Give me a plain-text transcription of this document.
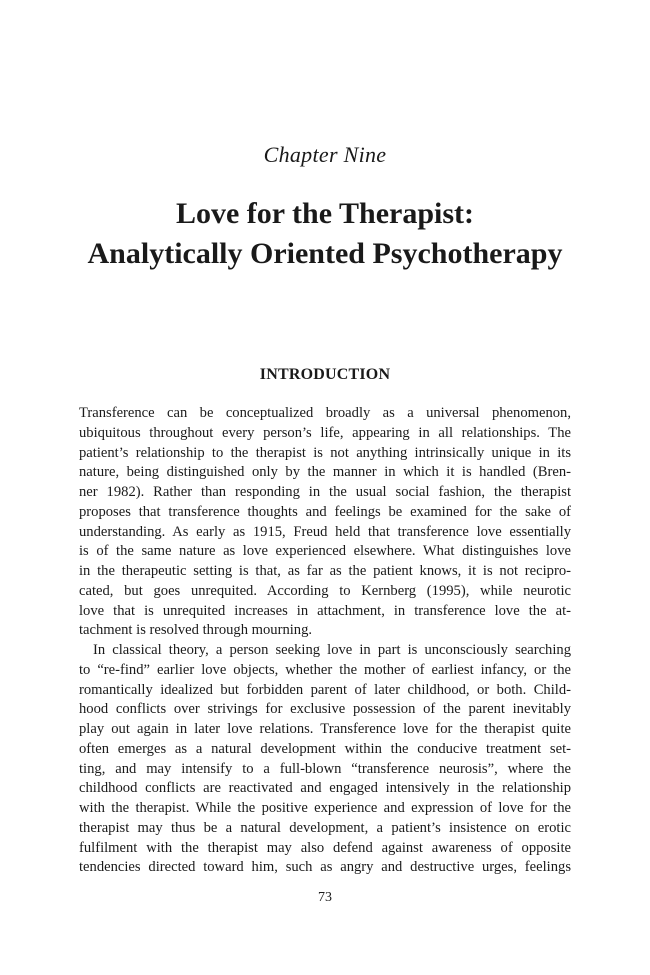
Chapter Nine
Love for the Therapist:
Analytically Oriented Psychotherapy
INTRODUCTION
Transference can be conceptualized broadly as a universal phenomenon,
ubiquitous throughout every person’s life, appearing in all relationships. The
patient’s relationship to the therapist is not anything intrinsically unique in its
nature, being distinguished only by the manner in which it is handled (Bren-
ner 1982). Rather than responding in the usual social fashion, the therapist
proposes that transference thoughts and feelings be examined for the sake of
understanding. As early as 1915, Freud held that transference love essentially
is of the same nature as love experienced elsewhere. What distinguishes love
in the therapeutic setting is that, as far as the patient knows, it is not recipro-
cated, but goes unrequited. According to Kernberg (1995), while neurotic
love that is unrequited increases in attachment, in transference love the at-
tachment is resolved through mourning.
In classical theory, a person seeking love in part is unconsciously searching
to “re-find” earlier love objects, whether the mother of earliest infancy, or the
romantically idealized but forbidden parent of later childhood, or both. Child-
hood conflicts over strivings for exclusive possession of the parent inevitably
play out again in later love relations. Transference love for the therapist quite
often emerges as a natural development within the conducive treatment set-
ting, and may intensify to a full-blown “transference neurosis”, where the
childhood conflicts are reactivated and engaged intensively in the relationship
with the therapist. While the positive experience and expression of love for the
therapist may thus be a natural development, a patient’s insistence on erotic
fulfilment with the therapist may also defend against awareness of opposite
tendencies directed toward him, such as angry and destructive urges, feelings
73
